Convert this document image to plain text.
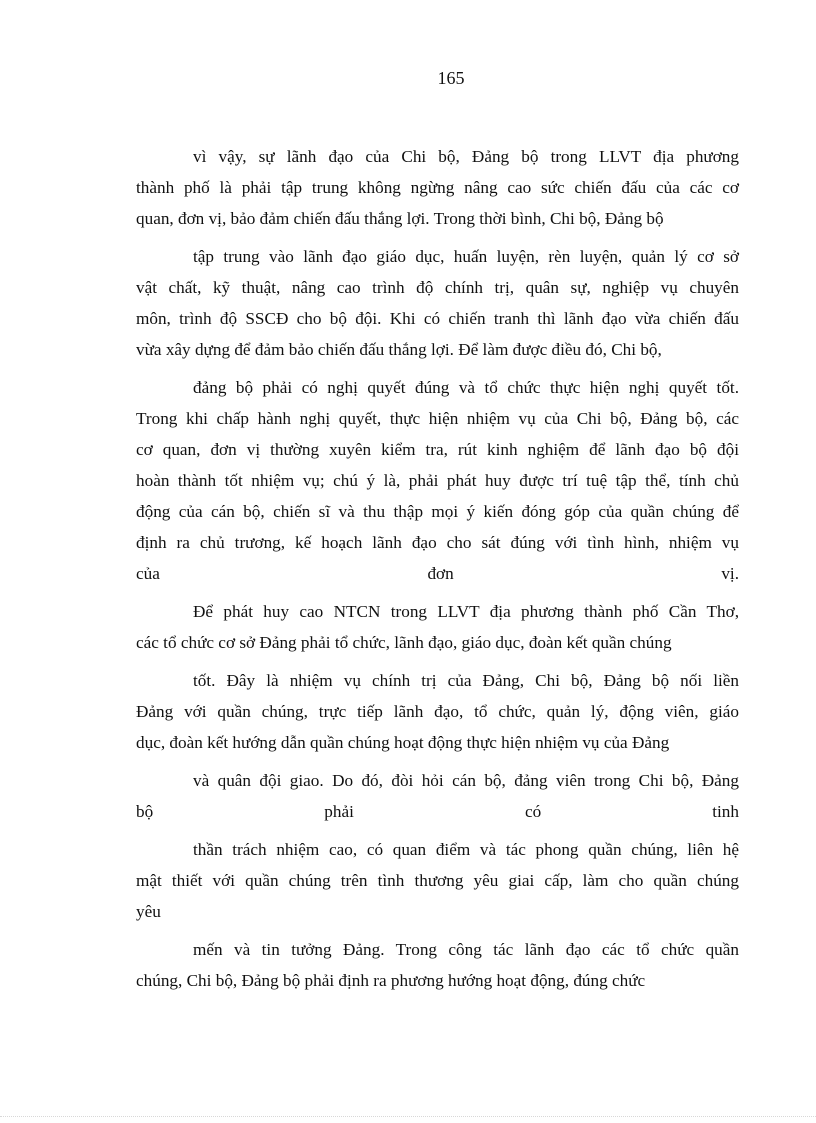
165
vì vậy, sự lãnh đạo của Chi bộ, Đảng bộ trong LLVT địa phương
thành phố là phải tập trung không ngừng nâng cao sức chiến đấu của các cơ
quan, đơn vị, bảo đảm chiến đấu thắng lợi. Trong thời bình, Chi bộ, Đảng bộ
tập trung vào lãnh đạo giáo dục, huấn luyện, rèn luyện, quản lý cơ sở
vật chất, kỹ thuật, nâng cao trình độ chính trị, quân sự, nghiệp vụ chuyên
môn, trình độ SSCĐ cho bộ đội. Khi có chiến tranh thì lãnh đạo vừa chiến đấu
vừa xây dựng để đảm bảo chiến đấu thắng lợi. Để làm được điều đó, Chi bộ,
đảng bộ phải có nghị quyết đúng và tổ chức thực hiện nghị quyết tốt.
Trong khi chấp hành nghị quyết, thực hiện nhiệm vụ của Chi bộ, Đảng bộ, các
cơ quan, đơn vị thường xuyên kiểm tra, rút kinh nghiệm để lãnh đạo bộ đội
hoàn thành tốt nhiệm vụ; chú ý là, phải phát huy được trí tuệ tập thể, tính chủ
động của cán bộ, chiến sĩ và thu thập mọi ý kiến đóng góp của quần chúng để
định ra chủ trương, kế hoạch lãnh đạo cho sát đúng với tình hình, nhiệm vụ
của đơn vị.
Để phát huy cao NTCN trong LLVT địa phương thành phố Cần Thơ,
các tổ chức cơ sở Đảng phải tổ chức, lãnh đạo, giáo dục, đoàn kết quần chúng
tốt. Đây là nhiệm vụ chính trị của Đảng, Chi bộ, Đảng bộ nối liền
Đảng với quần chúng, trực tiếp lãnh đạo, tổ chức, quản lý, động viên, giáo
dục, đoàn kết hướng dẫn quần chúng hoạt động thực hiện nhiệm vụ của Đảng
và quân đội giao. Do đó, đòi hỏi cán bộ, đảng viên trong Chi bộ, Đảng
bộ phải có tinh
thần trách nhiệm cao, có quan điểm và tác phong quần chúng, liên hệ
mật thiết với quần chúng trên tình thương yêu giai cấp, làm cho quần chúng
yêu
mến và tin tưởng Đảng. Trong công tác lãnh đạo các tổ chức quần
chúng, Chi bộ, Đảng bộ phải định ra phương hướng hoạt động, đúng chức
